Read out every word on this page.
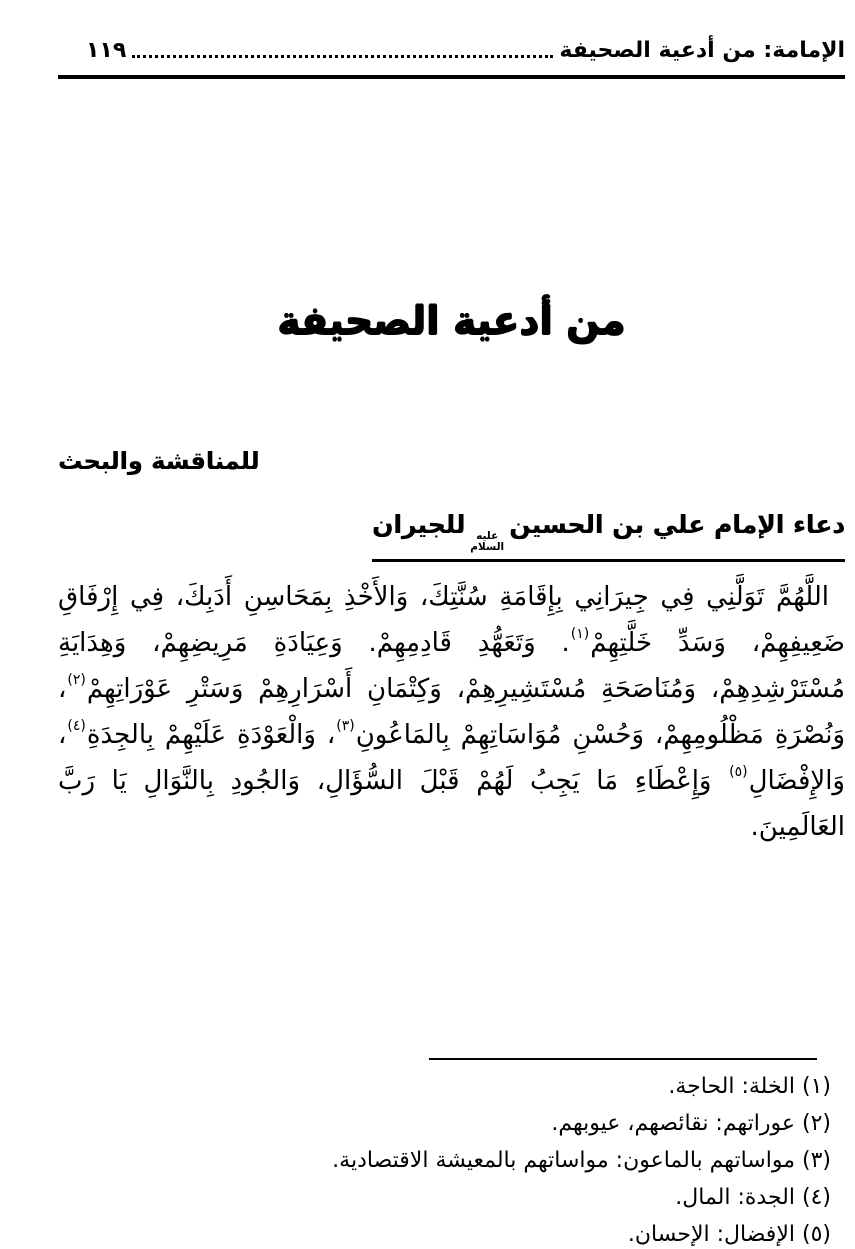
الإمامة: من أدعية الصحيفة
١١٩
من أدعية الصحيفة
للمناقشة والبحث
دعاء الإمام علي بن الحسين
عليه
السلام
للجيران
اللَّهُمَّ تَوَلَّنِي فِي جِيرَانِي بِإِقَامَةِ سُنَّتِكَ، وَالأَخْذِ بِمَحَاسِنِ أَدَبِكَ، فِي إِرْفَاقِ
ضَعِيفِهِمْ، وَسَدِّ خَلَّتِهِمْ$^{(١)}$. وَتَعَهُّدِ قَادِمِهِمْ. وَعِيَادَةِ مَرِيضِهِمْ، وَهِدَايَةِ
مُسْتَرْشِدِهِمْ، وَمُنَاصَحَةِ مُسْتَشِيرِهِمْ، وَكِتْمَانِ أَسْرَارِهِمْ وَسَتْرِ عَوْرَاتِهِمْ$^{(٢)}$،
وَنُصْرَةِ مَظْلُومِهِمْ، وَحُسْنِ مُوَاسَاتِهِمْ بِالمَاعُونِ$^{(٣)}$، وَالْعَوْدَةِ عَلَيْهِمْ بِالجِدَةِ$^{(٤)}$،
وَالإِفْضَالِ$^{(٥)}$ وَإِعْطَاءِ مَا يَجِبُ لَهُمْ قَبْلَ السُّؤَالِ، وَالجُودِ بِالنَّوَالِ يَا رَبَّ العَالَمِينَ.
(١) الخلة: الحاجة.
(٢) عوراتهم: نقائصهم، عيوبهم.
(٣) مواساتهم بالماعون: مواساتهم بالمعيشة الاقتصادية.
(٤) الجدة: المال.
(٥) الإفضال: الإحسان.
